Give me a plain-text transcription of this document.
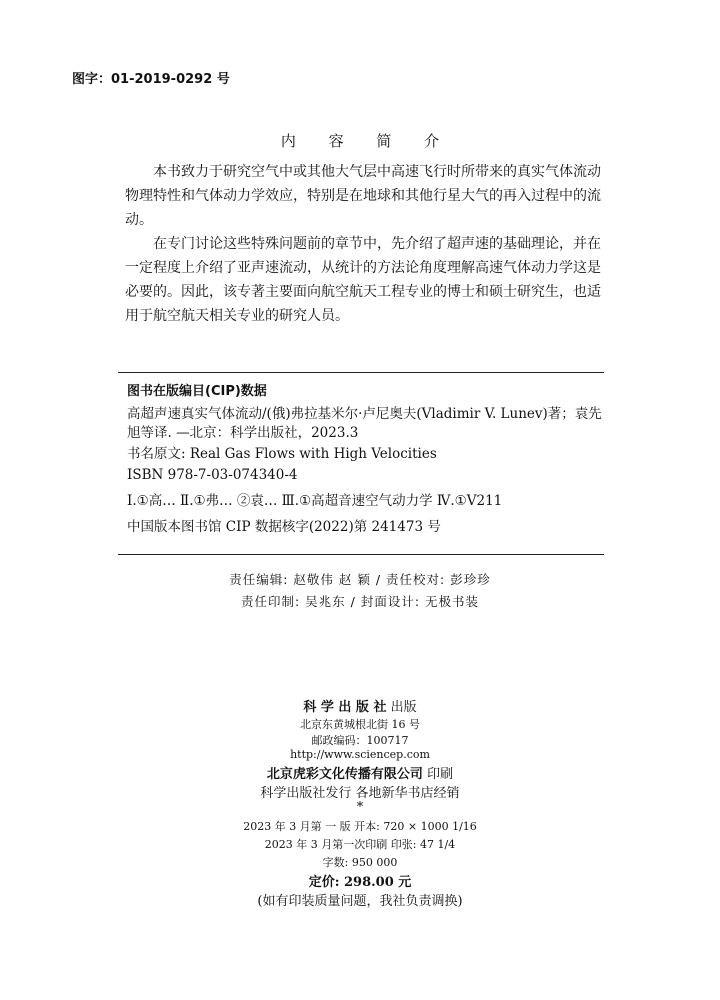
图字：01-2019-0292 号
内 容 简 介

本书致力于研究空气中或其他大气层中高速飞行时所带来的真实气体流动物理特性和气体动力学效应，特别是在地球和其他行星大气的再入过程中的流动。

在专门讨论这些特殊问题前的章节中，先介绍了超声速的基础理论，并在一定程度上介绍了亚声速流动，从统计的方法论角度理解高速气体动力学这是必要的。因此，该专著主要面向航空航天工程专业的博士和硕士研究生，也适用于航空航天相关专业的研究人员。

图书在版编目(CIP)数据

高超声速真实气体流动/(俄)弗拉基米尔·卢尼奥夫(Vladimir V. Lunev)著；袁先旭等译. —北京：科学出版社，2023.3

书名原文: Real Gas Flows with High Velocities

ISBN 978-7-03-074340-4

Ⅰ.①高… Ⅱ.①弗… ②袁… Ⅲ.①高超音速空气动力学 Ⅳ.①V211

中国版本图书馆 CIP 数据核字(2022)第 241473 号

责任编辑: 赵敬伟 赵 颖 / 责任校对: 彭珍珍
责任印制: 吴兆东 / 封面设计: 无极书装
科 学 出 版 社 出版
北京东黄城根北街 16 号
邮政编码：100717
http://www.sciencep.com
北京虎彩文化传播有限公司 印刷
科学出版社发行 各地新华书店经销
*
2023 年 3 月第 一 版 开本: 720 × 1000 1/16
2023 年 3 月第一次印刷 印张: 47 1/4
字数: 950 000
定价: 298.00 元
(如有印装质量问题，我社负责调换)
